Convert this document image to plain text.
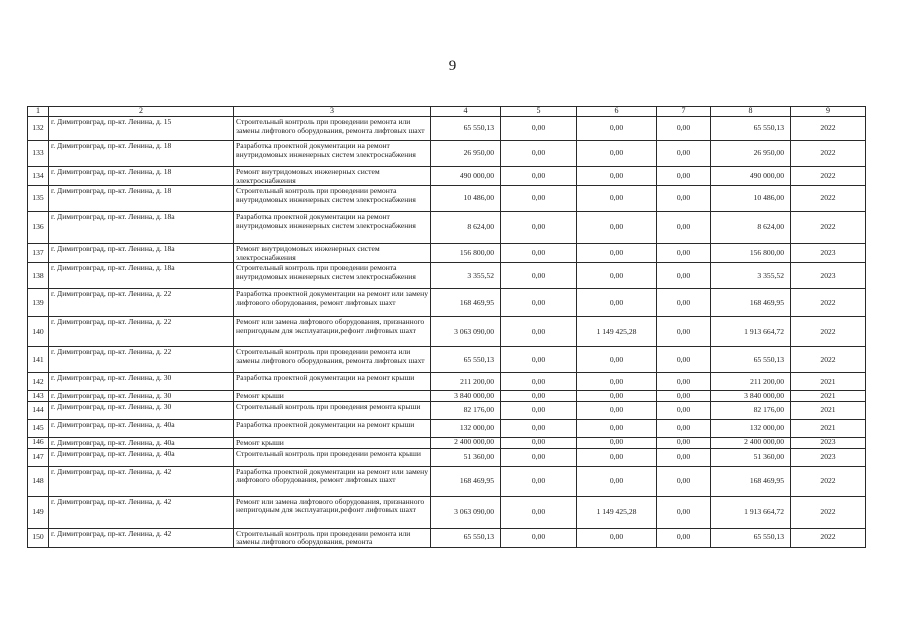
9
1	2	3	4	5	6	7	8	9
132	г. Димитровград, пр-кт. Ленина, д. 15	Строительный контроль при проведении ремонта или замены лифтового оборудования, ремонта лифтовых шахт	65 550,13	0,00	0,00	0,00	65 550,13	2022
133	г. Димитровград, пр-кт. Ленина, д. 18	Разработка проектной документации на ремонт внутридомовых инженерных систем электроснабжения	26 950,00	0,00	0,00	0,00	26 950,00	2022
134	г. Димитровград, пр-кт. Ленина, д. 18	Ремонт внутридомовых инженерных систем электроснабжения	490 000,00	0,00	0,00	0,00	490 000,00	2022
135	г. Димитровград, пр-кт. Ленина, д. 18	Строительный контроль при проведении ремонта внутридомовых инженерных систем электроснабжения	10 486,00	0,00	0,00	0,00	10 486,00	2022
136	г. Димитровград, пр-кт. Ленина, д. 18а	Разработка проектной документации на ремонт внутридомовых инженерных систем электроснабжения	8 624,00	0,00	0,00	0,00	8 624,00	2022
137	г. Димитровград, пр-кт. Ленина, д. 18а	Ремонт внутридомовых инженерных систем электроснабжения	156 800,00	0,00	0,00	0,00	156 800,00	2023
138	г. Димитровград, пр-кт. Ленина, д. 18а	Строительный контроль при проведении ремонта внутридомовых инженерных систем электроснабжения	3 355,52	0,00	0,00	0,00	3 355,52	2023
139	г. Димитровград, пр-кт. Ленина, д. 22	Разработка проектной документации на ремонт или замену лифтового оборудования, ремонт лифтовых шахт	168 469,95	0,00	0,00	0,00	168 469,95	2022
140	г. Димитровград, пр-кт. Ленина, д. 22	Ремонт или замена лифтового оборудования, признанного непригодным для эксплуатации,рефонт лифтовых шахт	3 063 090,00	0,00	1 149 425,28	0,00	1 913 664,72	2022
141	г. Димитровград, пр-кт. Ленина, д. 22	Строительный контроль при проведении ремонта или замены лифтового оборудования, ремонта лифтовых шахт	65 550,13	0,00	0,00	0,00	65 550,13	2022
142	г. Димитровград, пр-кт. Ленина, д. 30	Разработка проектной документации на ремонт крыши	211 200,00	0,00	0,00	0,00	211 200,00	2021
143	г. Димитровград, пр-кт. Ленина, д. 30	Ремонт крыши	3 840 000,00	0,00	0,00	0,00	3 840 000,00	2021
144	г. Димитровград, пр-кт. Ленина, д. 30	Строительный контроль при проведения ремонта крыши	82 176,00	0,00	0,00	0,00	82 176,00	2021
145	г. Димитровград, пр-кт. Ленина, д. 40а	Разработка проектной документации на ремонт крыши	132 000,00	0,00	0,00	0,00	132 000,00	2021
146	г. Димитровград, пр-кт. Ленина, д. 40а	Ремонт крыши	2 400 000,00	0,00	0,00	0,00	2 400 000,00	2023
147	г. Димитровград, пр-кт. Ленина, д. 40а	Строительный контроль при проведении ремонта крыши	51 360,00	0,00	0,00	0,00	51 360,00	2023
148	г. Димитровград, пр-кт. Ленина, д. 42	Разработка проектной документации на ремонт или замену лифтового оборудования, ремонт лифтовых шахт	168 469,95	0,00	0,00	0,00	168 469,95	2022
149	г. Димитровград, пр-кт. Ленина, д. 42	Ремонт или замена лифтового оборудования, признанного непригодным для эксплуатации,рефонт лифтовых шахт	3 063 090,00	0,00	1 149 425,28	0,00	1 913 664,72	2022
150	г. Димитровград, пр-кт. Ленина, д. 42	Строительный контроль при проведении ремонта или замены лифтового оборудования, ремонта	65 550,13	0,00	0,00	0,00	65 550,13	2022
